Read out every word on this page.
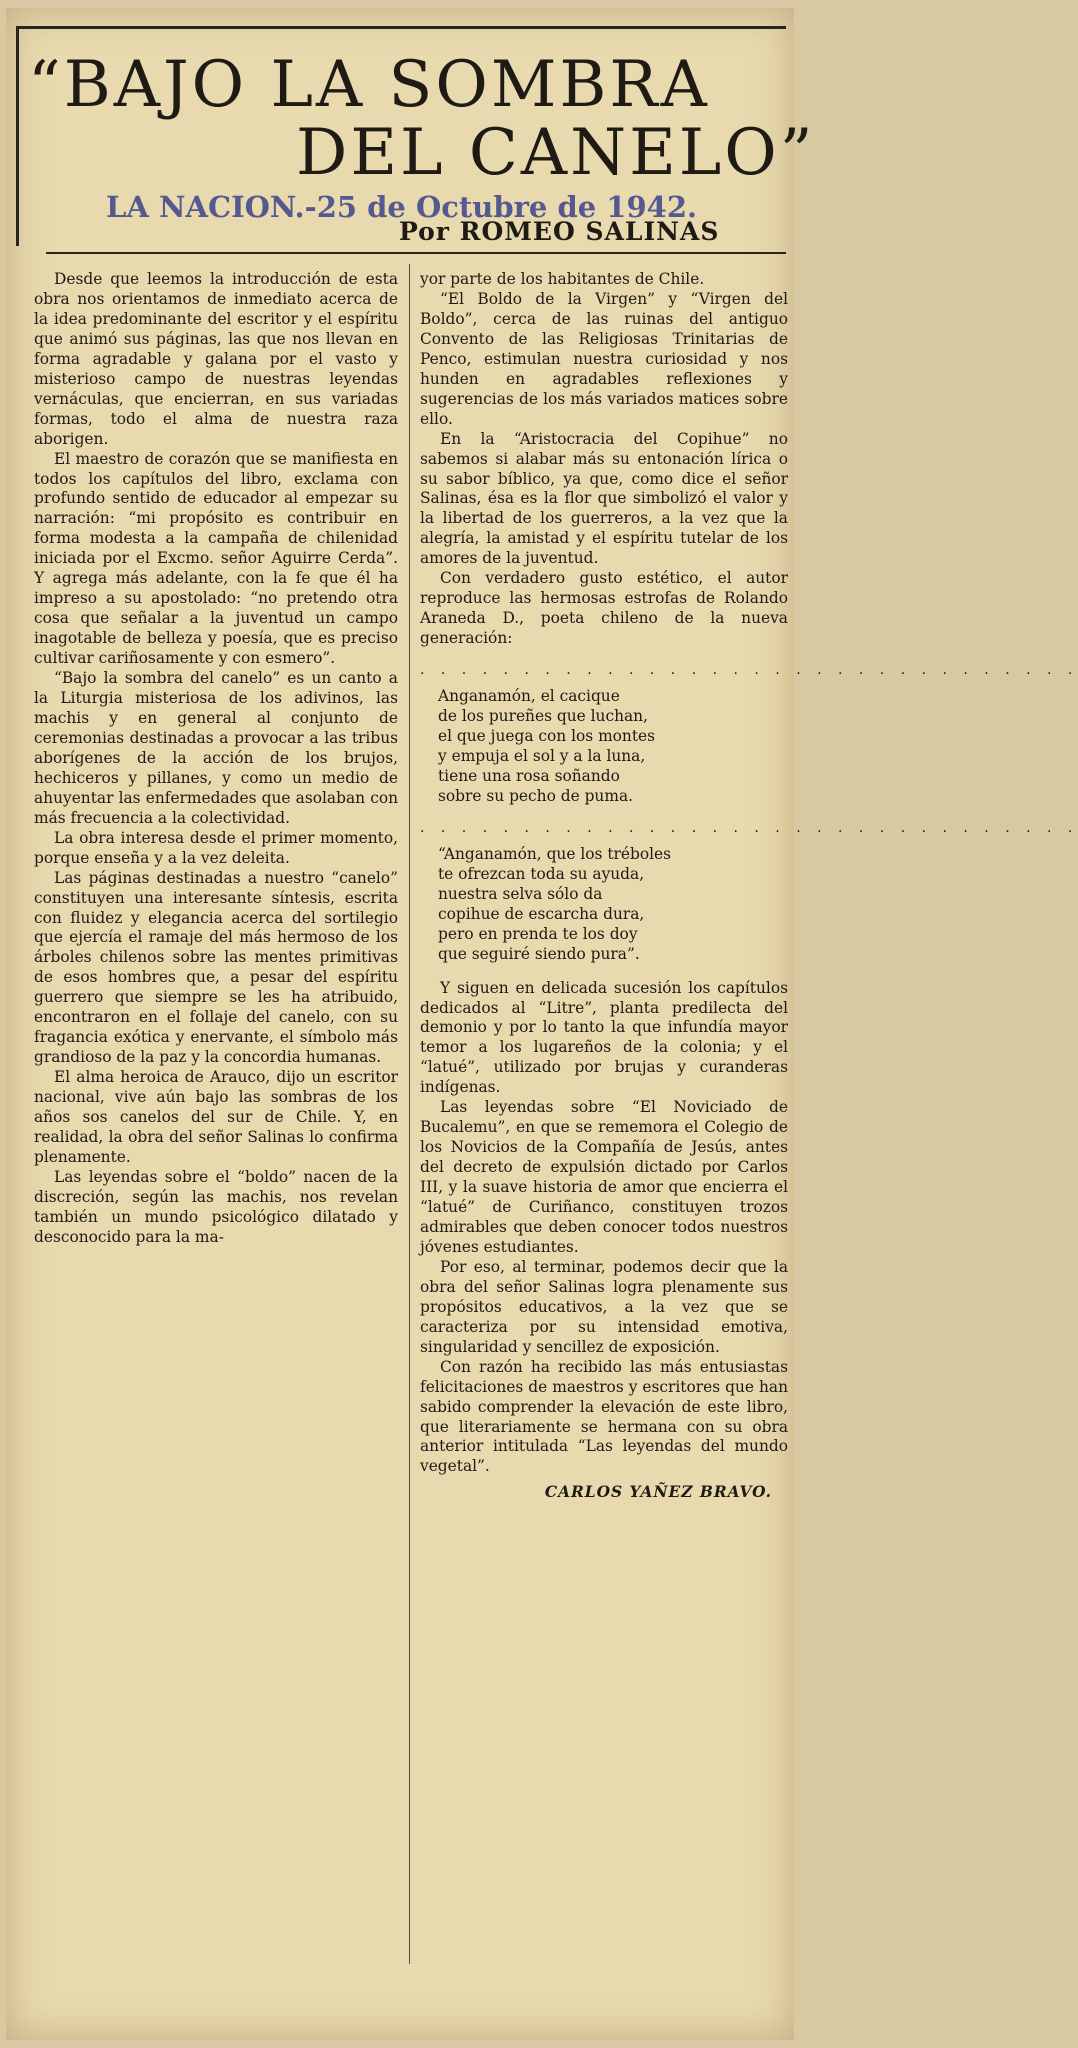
“BAJO LA SOMBRA
DEL CANELO”
LA NACION.-25 de Octubre de 1942.
Por ROMEO SALINAS

Desde que leemos la introducción de esta obra nos orientamos de inmediato acerca de la idea predominante del escritor y el espíritu que animó sus páginas, las que nos llevan en forma agradable y galana por el vasto y misterioso campo de nuestras leyendas vernáculas, que encierran, en sus variadas formas, todo el alma de nuestra raza aborigen.

El maestro de corazón que se manifiesta en todos los capítulos del libro, exclama con profundo sentido de educador al empezar su narración: “mi propósito es contribuir en forma modesta a la campaña de chilenidad iniciada por el Excmo. señor Aguirre Cerda”. Y agrega más adelante, con la fe que él ha impreso a su apostolado: “no pretendo otra cosa que señalar a la juventud un campo inagotable de belleza y poesía, que es preciso cultivar cariñosamente y con esmero”.

“Bajo la sombra del canelo” es un canto a la Liturgia misteriosa de los adivinos, las machis y en general al conjunto de ceremonias destinadas a provocar a las tribus aborígenes de la acción de los brujos, hechiceros y pillanes, y como un medio de ahuyentar las enfermedades que asolaban con más frecuencia a la colectividad.

La obra interesa desde el primer momento, porque enseña y a la vez deleita.

Las páginas destinadas a nuestro “canelo” constituyen una interesante síntesis, escrita con fluidez y elegancia acerca del sortilegio que ejercía el ramaje del más hermoso de los árboles chilenos sobre las mentes primitivas de esos hombres que, a pesar del espíritu guerrero que siempre se les ha atribuido, encontraron en el follaje del canelo, con su fragancia exótica y enervante, el símbolo más grandioso de la paz y la concordia humanas.

El alma heroica de Arauco, dijo un escritor nacional, vive aún bajo las sombras de los años sos canelos del sur de Chile. Y, en realidad, la obra del señor Salinas lo confirma plenamente.

Las leyendas sobre el “boldo” nacen de la discreción, según las machis, nos revelan también un mundo psicológico dilatado y desconocido para la ma-

yor parte de los habitantes de Chile.

“El Boldo de la Virgen” y “Virgen del Boldo”, cerca de las ruinas del antiguo Convento de las Religiosas Trinitarias de Penco, estimulan nuestra curiosidad y nos hunden en agradables reflexiones y sugerencias de los más variados matices sobre ello.

En la “Aristocracia del Copihue” no sabemos si alabar más su entonación lírica o su sabor bíblico, ya que, como dice el señor Salinas, ésa es la flor que simbolizó el valor y la libertad de los guerreros, a la vez que la alegría, la amistad y el espíritu tutelar de los amores de la juventud.

Con verdadero gusto estético, el autor reproduce las hermosas estrofas de Rolando Araneda D., poeta chileno de la nueva generación:

. . . . . . . . . . . . . . . . . . . . . . . . . . . . . . . .
Anganamón, el cacique
de los pureñes que luchan,
el que juega con los montes
y empuja el sol y a la luna,
tiene una rosa soñando
sobre su pecho de puma.
. . . . . . . . . . . . . . . . . . . . . . . . . . . . . . . .
“Anganamón, que los tréboles
te ofrezcan toda su ayuda,
nuestra selva sólo da
copihue de escarcha dura,
pero en prenda te los doy
que seguiré siendo pura”.

Y siguen en delicada sucesión los capítulos dedicados al “Litre”, planta predilecta del demonio y por lo tanto la que infundía mayor temor a los lugareños de la colonia; y el “latué”, utilizado por brujas y curanderas indígenas.

Las leyendas sobre “El Noviciado de Bucalemu”, en que se rememora el Colegio de los Novicios de la Compañía de Jesús, antes del decreto de expulsión dictado por Carlos III, y la suave historia de amor que encierra el “latué” de Curiñanco, constituyen trozos admirables que deben conocer todos nuestros jóvenes estudiantes.

Por eso, al terminar, podemos decir que la obra del señor Salinas logra plenamente sus propósitos educativos, a la vez que se caracteriza por su intensidad emotiva, singularidad y sencillez de exposición.

Con razón ha recibido las más entusiastas felicitaciones de maestros y escritores que han sabido comprender la elevación de este libro, que literariamente se hermana con su obra anterior intitulada “Las leyendas del mundo vegetal”.

CARLOS YAÑEZ BRAVO.
